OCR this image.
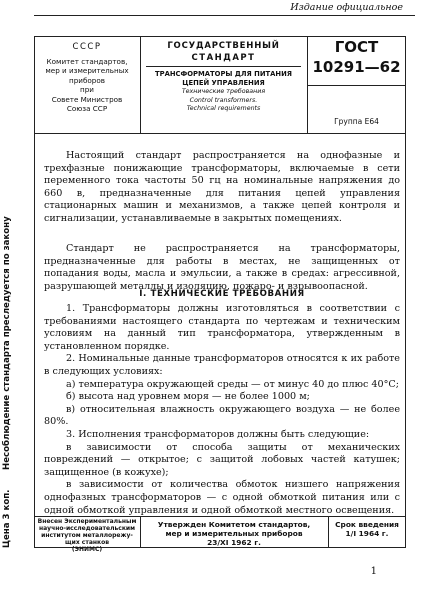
Издание официальное
СССР
Комитет стандартов,
мер и измерительных
приборов
при
Совете Министров
Союза ССР
ГОСУДАРСТВЕННЫЙ
СТАНДАРТ
ТРАНСФОРМАТОРЫ ДЛЯ ПИТАНИЯ
ЦЕПЕЙ УПРАВЛЕНИЯ
Технические требования
Control transformers.
Technical requirements
ГОСТ
10291—62
Группа Е64

Настоящий стандарт распространяется на однофазные и трехфазные понижающие трансформаторы, включаемые в сети переменного тока частоты 50 гц на номинальные напряжения до 660 в, предназначенные для питания цепей управления стационарных машин и механизмов, а также цепей контроля и сигнализации, устанавливаемые в закрытых помещениях.

Стандарт не распространяется на трансформаторы, предназначенные для работы в местах, не защищенных от попадания воды, масла и эмульсии, а также в средах: агрессивной, разрушающей металлы и изоляцию, пожаро- и взрывоопасной.

I. ТЕХНИЧЕСКИЕ ТРЕБОВАНИЯ

1. Трансформаторы должны изготовляться в соответствии с требованиями настоящего стандарта по чертежам и техническим условиям на данный тип трансформатора, утвержденным в установленном порядке.

2. Номинальные данные трансформаторов относятся к их работе в следующих условиях:

а) температура окружающей среды — от минус 40 до плюс 40°С;

б) высота над уровнем моря — не более 1000 м;

в) относительная влажность окружающего воздуха — не более 80%.

3. Исполнения трансформаторов должны быть следующие:

в зависимости от способа защиты от механических повреждений — открытое; с защитой лобовых частей катушек; защищенное (в кожухе);

в зависимости от количества обмоток низшего напряжения однофазных трансформаторов — с одной обмоткой питания или с одной обмоткой управления и одной обмоткой местного освещения.

Внесен Экспериментальным
научно-исследовательским
институтом металлорежу-
щих станков
(ЭНИМС)
Утвержден Комитетом стандартов,
мер и измерительных приборов
23/XI 1962 г.
Срок введения
1/I 1964 г.
1
Цена 3 коп. Несоблюдение стандарта преследуется по закону
